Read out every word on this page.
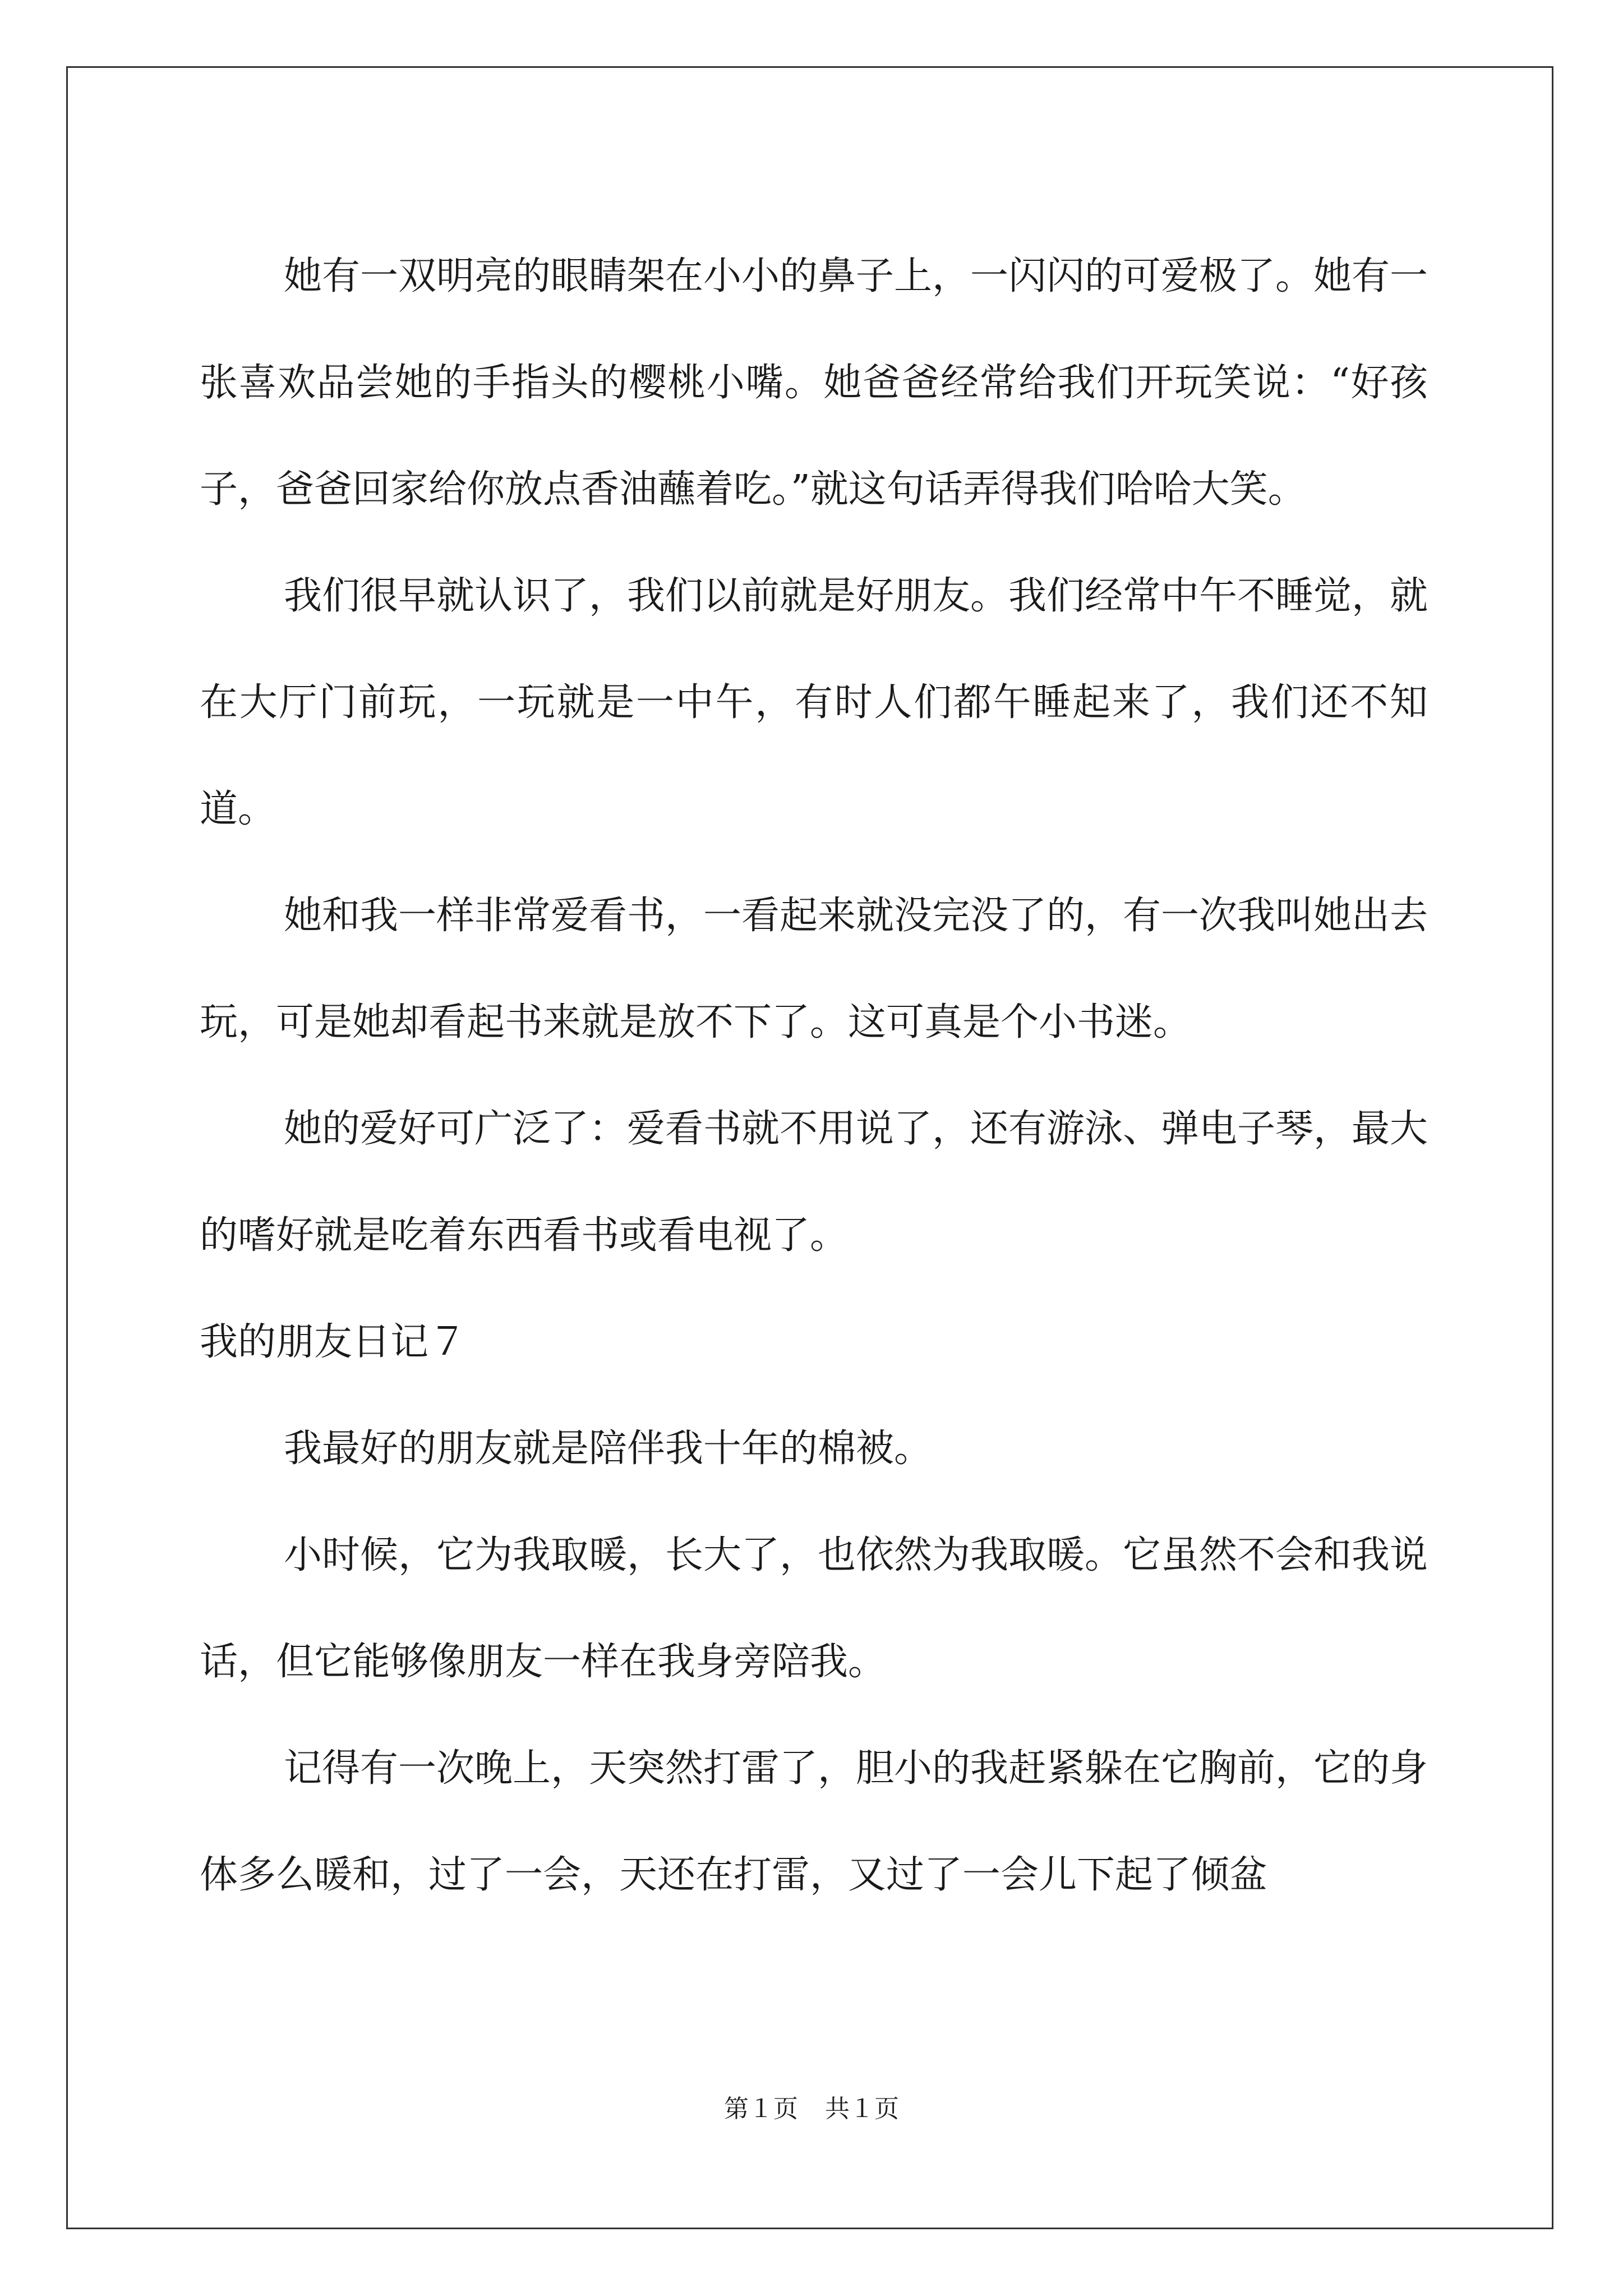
她有一双明亮的眼睛架在小小的鼻子上，一闪闪的可爱极了。她有一张喜欢品尝她的手指头的樱桃小嘴。她爸爸经常给我们开玩笑说：“好孩子，爸爸回家给你放点香油蘸着吃。”就这句话弄得我们哈哈大笑。

我们很早就认识了，我们以前就是好朋友。我们经常中午不睡觉，就在大厅门前玩，一玩就是一中午，有时人们都午睡起来了，我们还不知道。

她和我一样非常爱看书，一看起来就没完没了的，有一次我叫她出去玩，可是她却看起书来就是放不下了。这可真是个小书迷。

她的爱好可广泛了：爱看书就不用说了，还有游泳、弹电子琴，最大的嗜好就是吃着东西看书或看电视了。

我的朋友日记７

我最好的朋友就是陪伴我十年的棉被。

小时候，它为我取暖，长大了，也依然为我取暖。它虽然不会和我说话，但它能够像朋友一样在我身旁陪我。

记得有一次晚上，天突然打雷了，胆小的我赶紧躲在它胸前，它的身体多么暖和，过了一会，天还在打雷，又过了一会儿下起了倾盆

第１页 共１页
